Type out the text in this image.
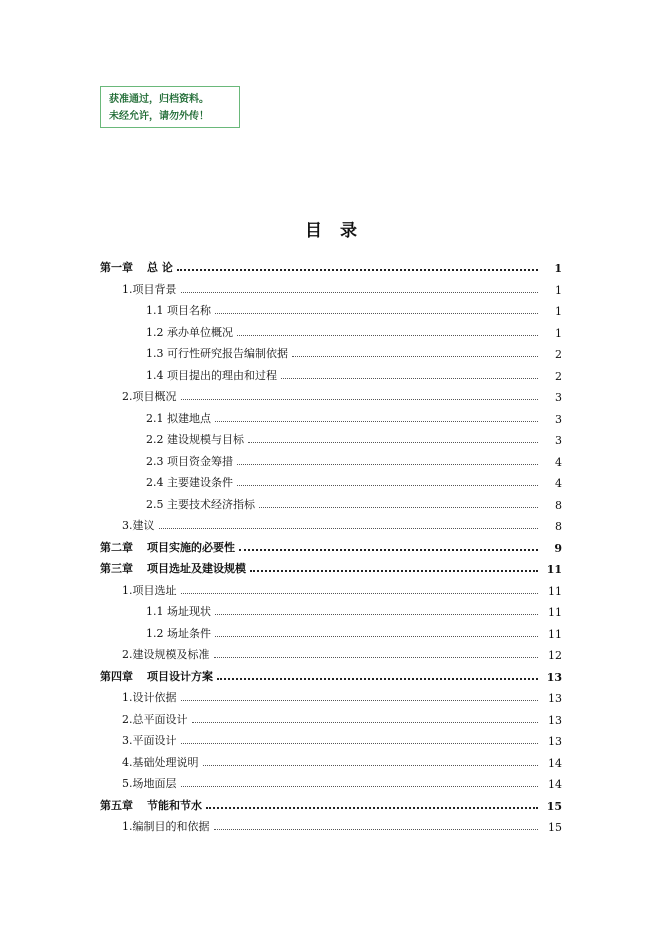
获准通过，归档资料。
未经允许，请勿外传！
目录
第一章 总 论	1
1.项目背景	1
1.1 项目名称	1
1.2 承办单位概况	1
1.3 可行性研究报告编制依据	2
1.4 项目提出的理由和过程	2
2.项目概况	3
2.1 拟建地点	3
2.2 建设规模与目标	3
2.3 项目资金筹措	4
2.4 主要建设条件	4
2.5 主要技术经济指标	8
3.建议	8
第二章 项目实施的必要性	9
第三章 项目选址及建设规模	11
1.项目选址	11
1.1 场址现状	11
1.2 场址条件	11
2.建设规模及标准	12
第四章 项目设计方案	13
1.设计依据	13
2.总平面设计	13
3.平面设计	13
4.基础处理说明	14
5.场地面层	14
第五章 节能和节水	15
1.编制目的和依据	15
